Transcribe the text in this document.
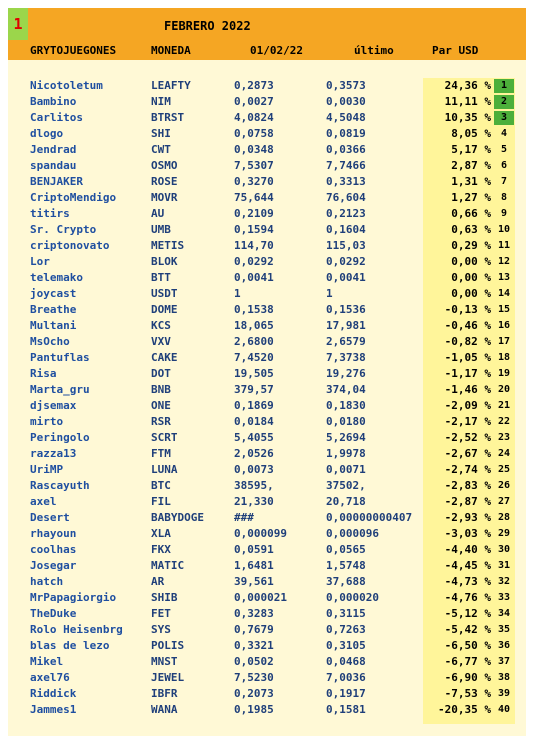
1	FEBRERO 2022
GRYTOJUEGONES	MONEDA	01/02/22	último	Par USD
Nicotoletum	LEAFTY	0,2873	0,3573	24,36 % 1
Bambino	NIM	0,0027	0,0030	11,11 % 2
Carlitos	BTRST	4,0824	4,5048	10,35 % 3
dlogo	SHI	0,0758	0,0819	8,05 % 4
Jendrad	CWT	0,0348	0,0366	5,17 % 5
spandau	OSMO	7,5307	7,7466	2,87 % 6
BENJAKER	ROSE	0,3270	0,3313	1,31 % 7
CriptoMendigo	MOVR	75,644	76,604	1,27 % 8
titirs	AU	0,2109	0,2123	0,66 % 9
Sr. Crypto	UMB	0,1594	0,1604	0,63 % 10
criptonovato	METIS	114,70	115,03	0,29 % 11
Lor	BLOK	0,0292	0,0292	0,00 % 12
telemako	BTT	0,0041	0,0041	0,00 % 13
joycast	USDT	1	1	0,00 % 14
Breathe	DOME	0,1538	0,1536	-0,13 % 15
Multani	KCS	18,065	17,981	-0,46 % 16
MsOcho	VXV	2,6800	2,6579	-0,82 % 17
Pantuflas	CAKE	7,4520	7,3738	-1,05 % 18
Risa	DOT	19,505	19,276	-1,17 % 19
Marta_gru	BNB	379,57	374,04	-1,46 % 20
djsemax	ONE	0,1869	0,1830	-2,09 % 21
mirto	RSR	0,0184	0,0180	-2,17 % 22
Peringolo	SCRT	5,4055	5,2694	-2,52 % 23
razza13	FTM	2,0526	1,9978	-2,67 % 24
UriMP	LUNA	0,0073	0,0071	-2,74 % 25
Rascayuth	BTC	38595,	37502,	-2,83 % 26
axel	FIL	21,330	20,718	-2,87 % 27
Desert	BABYDOGE	###	0,00000000407	-2,93 % 28
rhayoun	XLA	0,000099	0,000096	-3,03 % 29
coolhas	FKX	0,0591	0,0565	-4,40 % 30
Josegar	MATIC	1,6481	1,5748	-4,45 % 31
hatch	AR	39,561	37,688	-4,73 % 32
MrPapagiorgio	SHIB	0,000021	0,000020	-4,76 % 33
TheDuke	FET	0,3283	0,3115	-5,12 % 34
Rolo Heisenbrg	SYS	0,7679	0,7263	-5,42 % 35
blas de lezo	POLIS	0,3321	0,3105	-6,50 % 36
Mikel	MNST	0,0502	0,0468	-6,77 % 37
axel76	JEWEL	7,5230	7,0036	-6,90 % 38
Riddick	IBFR	0,2073	0,1917	-7,53 % 39
Jammes1	WANA	0,1985	0,1581	-20,35 % 40
